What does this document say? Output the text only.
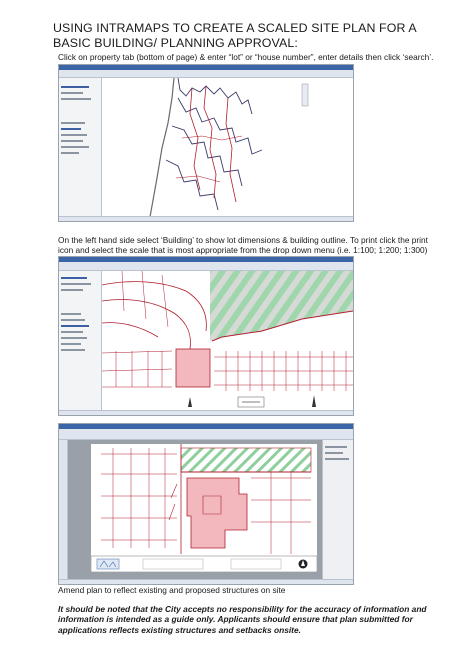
USING INTRAMAPS TO CREATE A SCALED SITE PLAN FOR A BASIC BUILDING/ PLANNING APPROVAL:
Click on property tab (bottom of page) & enter “lot” or “house number”, enter details then click ‘search’.
On the left hand side select ‘Building’ to show lot dimensions & building outline. To print click the print icon and select the scale that is most appropriate from the drop down menu (i.e. 1:100; 1:200; 1:300)
Amend plan to reflect existing and proposed structures on site
It should be noted that the City accepts no responsibility for the accuracy of information and information is intended as a guide only. Applicants should ensure that plan submitted for applications reflects existing structures and setbacks onsite.
